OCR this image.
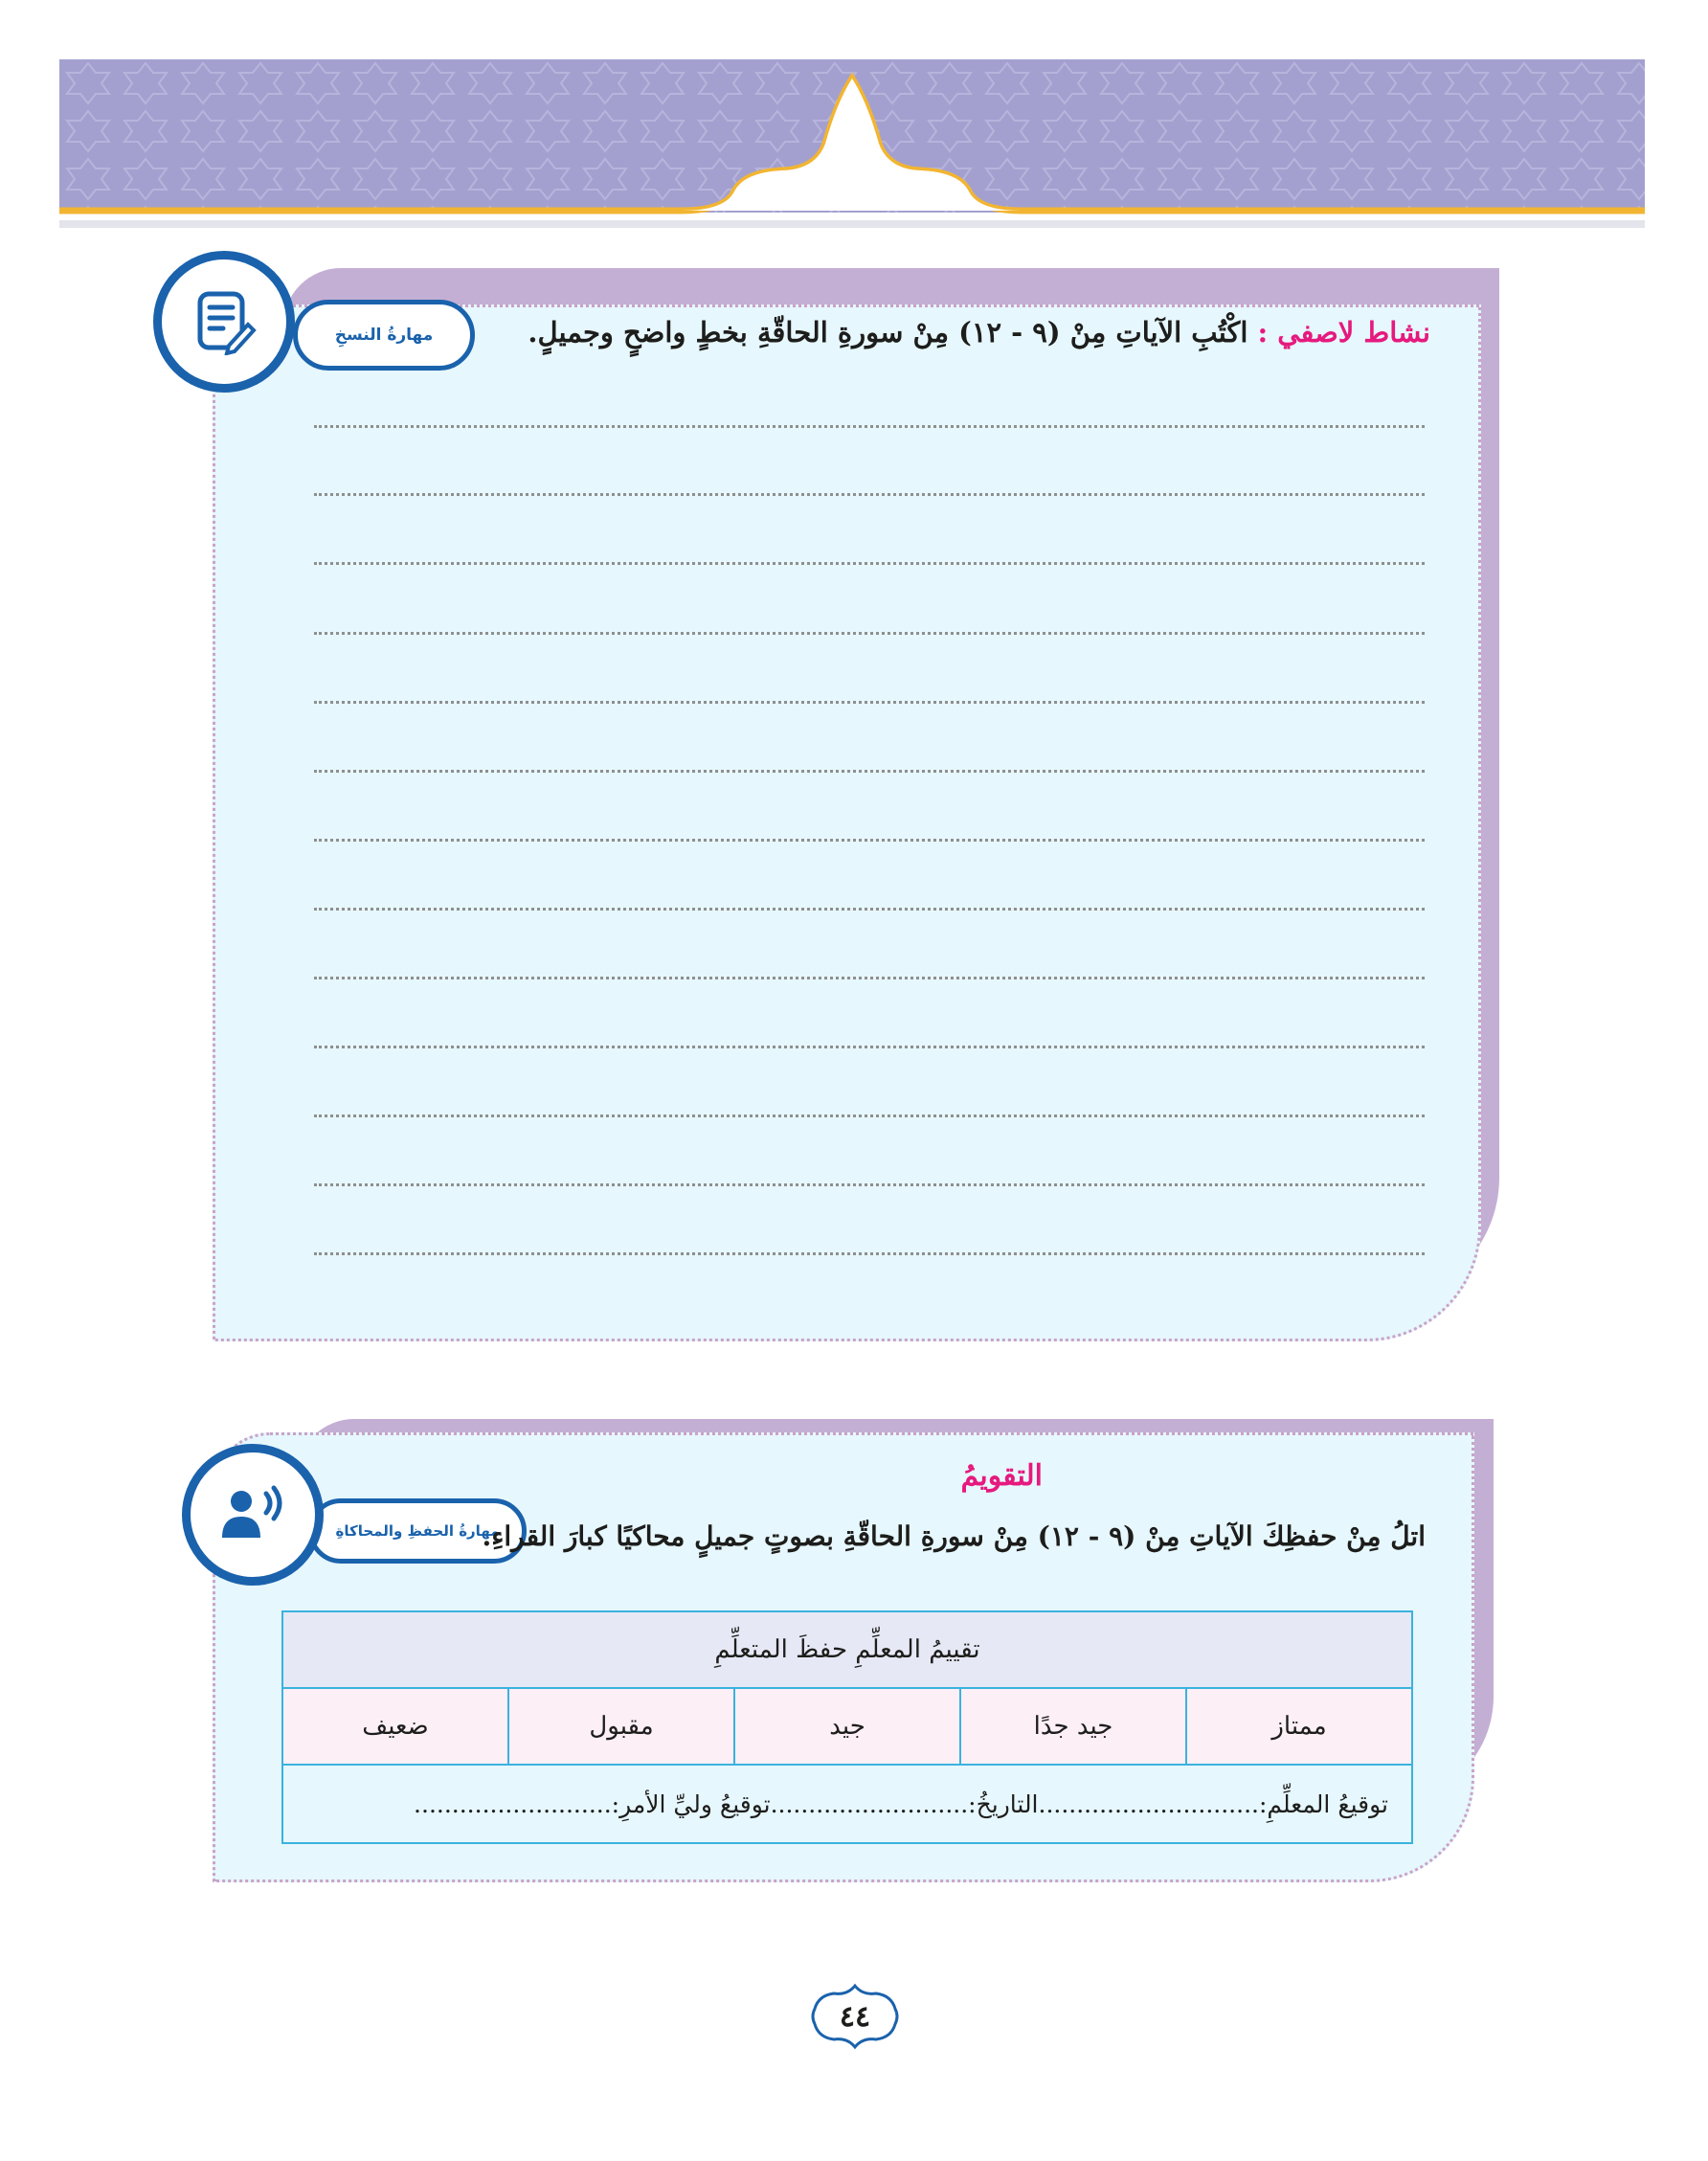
مهارةُ النسخِ	نشاط لاصفي : اكْتُبِ الآياتِ مِنْ (٩ - ١٢) مِنْ سورةِ الحاقّةِ بخطٍ واضحٍ وجميلٍ.
مهارةُ الحفظِ والمحاكاةِ
التقويمُ
اتلُ مِنْ حفظِكَ الآياتِ مِنْ (٩ - ١٢) مِنْ سورةِ الحاقّةِ بصوتٍ جميلٍ محاكيًا كبارَ القراءِ.
تقييمُ المعلِّمِ حفظَ المتعلِّمِ
ممتاز	جيد جدًا	جيد	مقبول	ضعيف
توقيعُ المعلِّمِ:.............................التاريخُ:..........................توقيعُ وليِّ الأمرِ:..........................
٤٤
